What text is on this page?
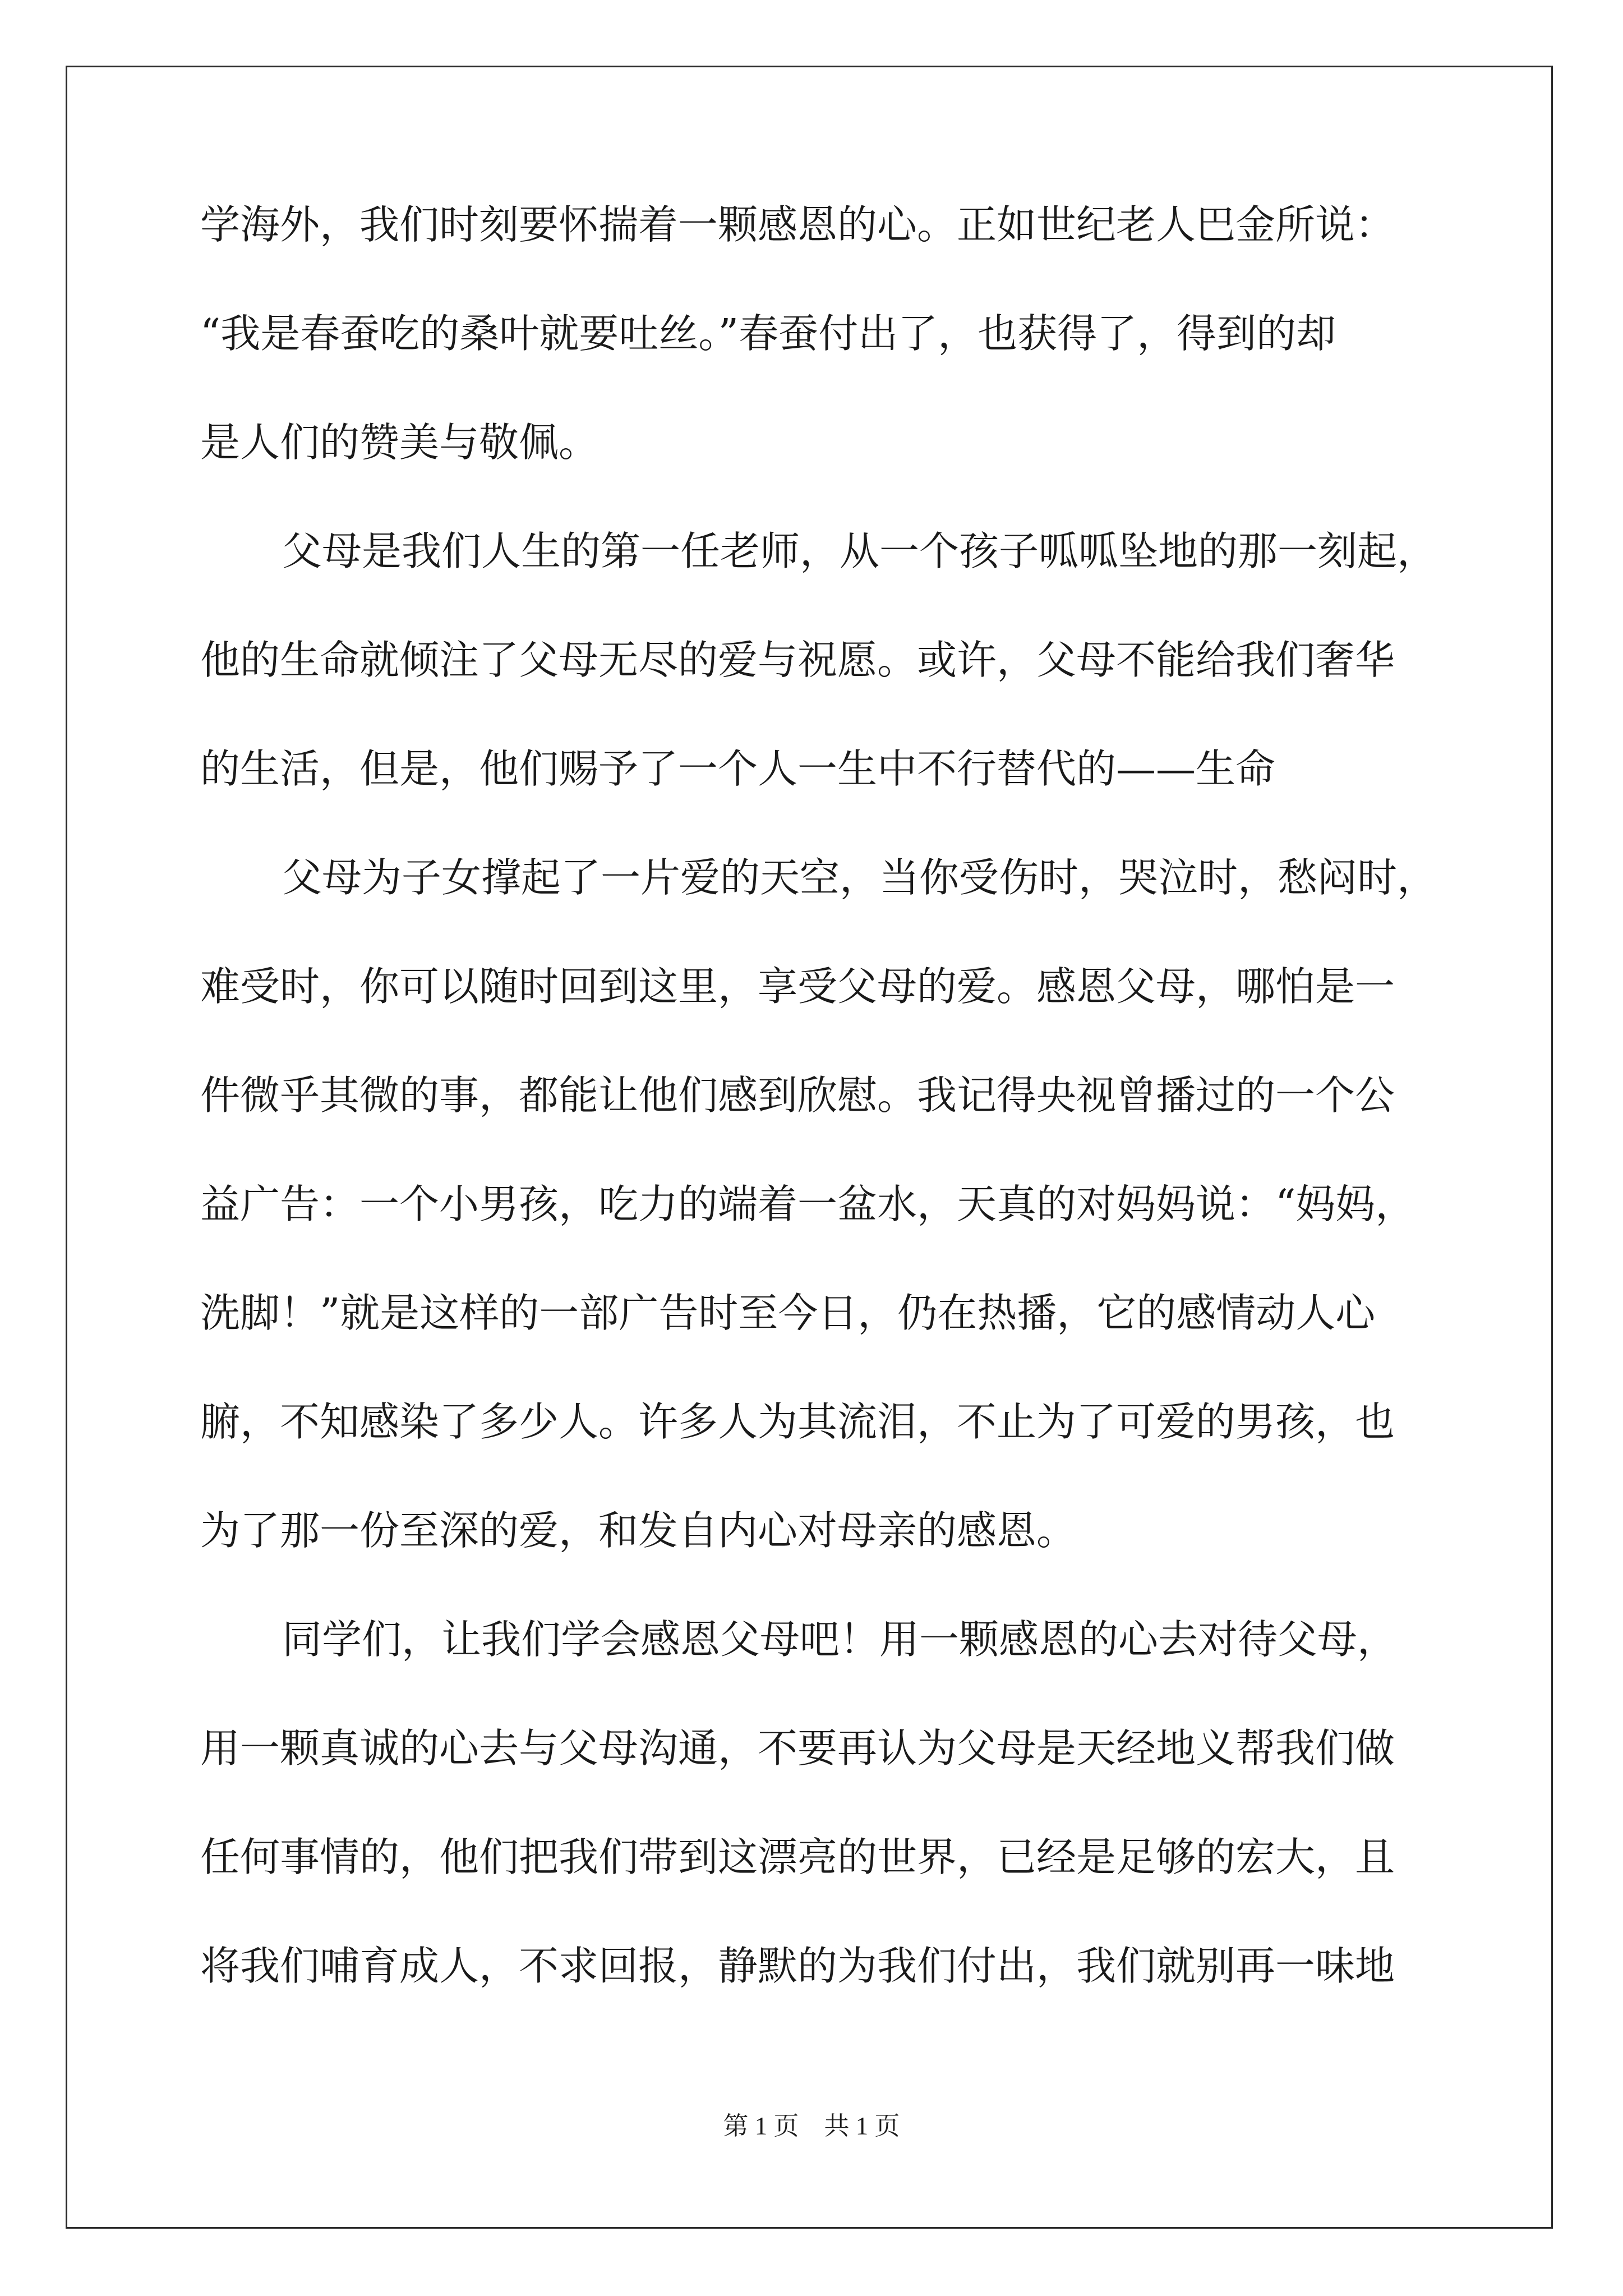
学海外，我们时刻要怀揣着一颗感恩的心。正如世纪老人巴金所说：

“我是春蚕吃的桑叶就要吐丝。”春蚕付出了，也获得了，得到的却

是人们的赞美与敬佩。

父母是我们人生的第一任老师，从一个孩子呱呱坠地的那一刻起，

他的生命就倾注了父母无尽的爱与祝愿。或许，父母不能给我们奢华

的生活，但是，他们赐予了一个人一生中不行替代的——生命

父母为子女撑起了一片爱的天空，当你受伤时，哭泣时，愁闷时，

难受时，你可以随时回到这里，享受父母的爱。感恩父母，哪怕是一

件微乎其微的事，都能让他们感到欣慰。我记得央视曾播过的一个公

益广告：一个小男孩，吃力的端着一盆水，天真的对妈妈说：“妈妈，

洗脚！”就是这样的一部广告时至今日，仍在热播，它的感情动人心

腑，不知感染了多少人。许多人为其流泪，不止为了可爱的男孩，也

为了那一份至深的爱，和发自内心对母亲的感恩。

同学们，让我们学会感恩父母吧！用一颗感恩的心去对待父母，

用一颗真诚的心去与父母沟通，不要再认为父母是天经地义帮我们做

任何事情的，他们把我们带到这漂亮的世界，已经是足够的宏大，且

将我们哺育成人，不求回报，静默的为我们付出，我们就别再一味地

第 1 页    共 1 页
